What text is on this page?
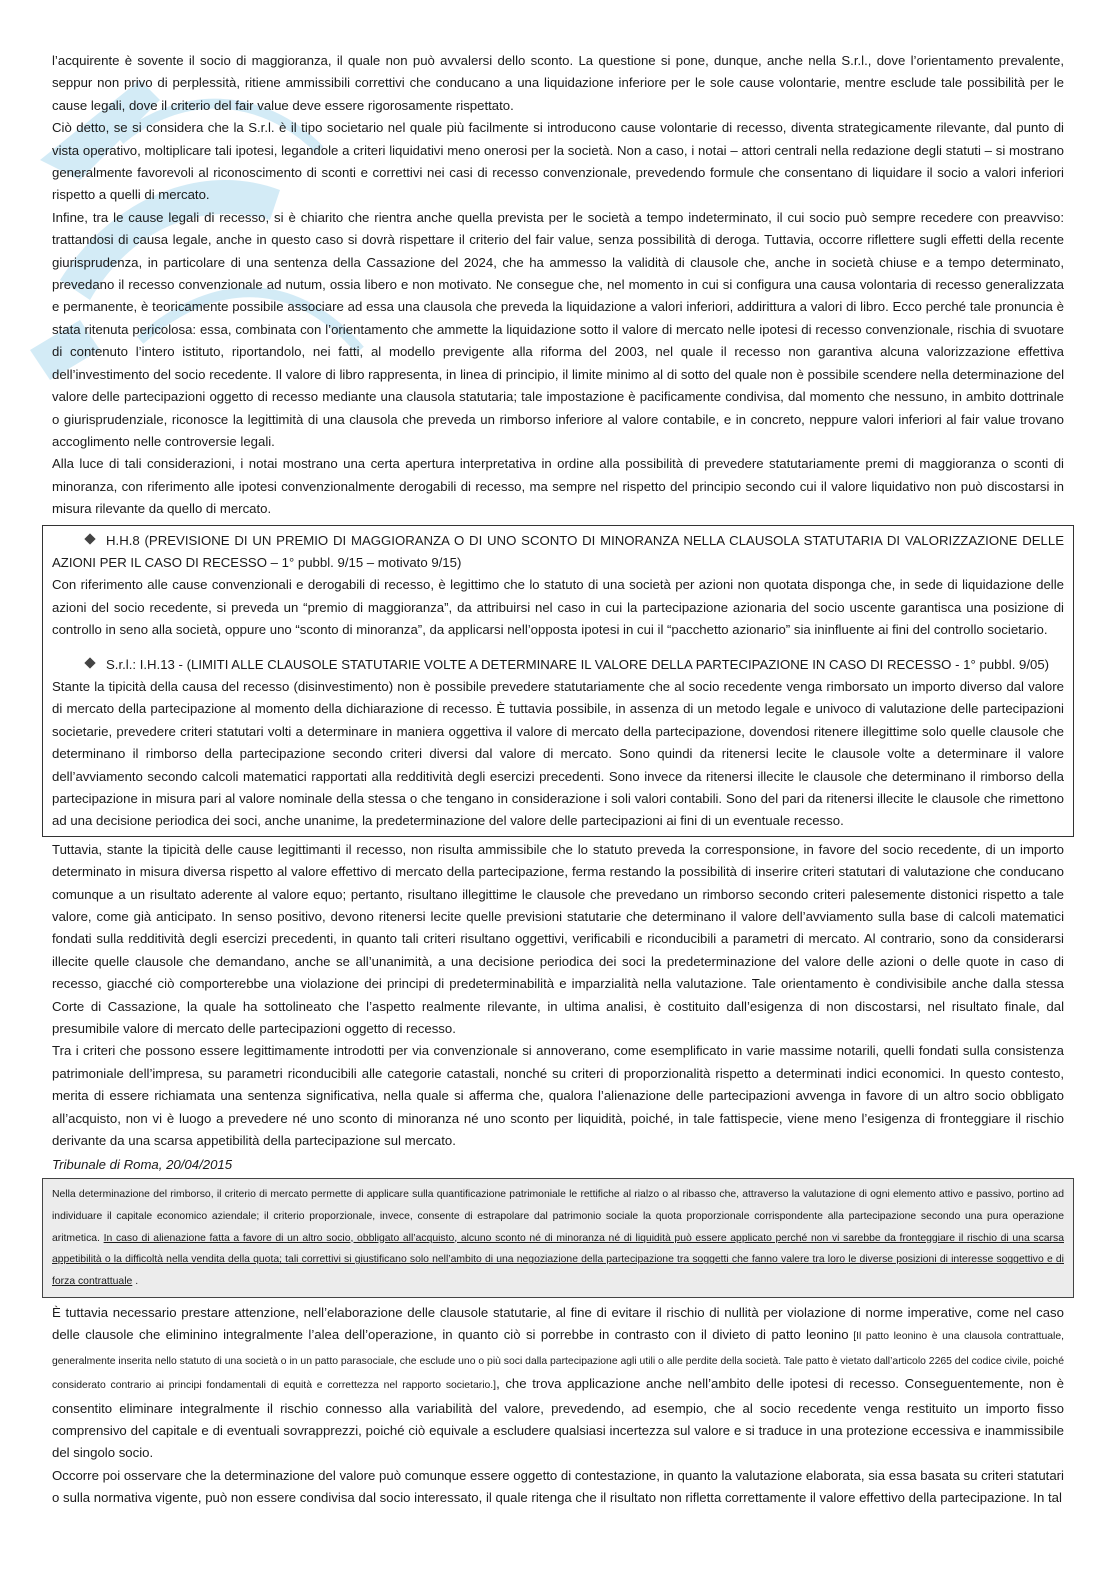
l’acquirente è sovente il socio di maggioranza, il quale non può avvalersi dello sconto. La questione si pone, dunque, anche nella S.r.l., dove l’orientamento prevalente, seppur non privo di perplessità, ritiene ammissibili correttivi che conducano a una liquidazione inferiore per le sole cause volontarie, mentre esclude tale possibilità per le cause legali, dove il criterio del fair value deve essere rigorosamente rispettato.

Ciò detto, se si considera che la S.r.l. è il tipo societario nel quale più facilmente si introducono cause volontarie di recesso, diventa strategicamente rilevante, dal punto di vista operativo, moltiplicare tali ipotesi, legandole a criteri liquidativi meno onerosi per la società. Non a caso, i notai – attori centrali nella redazione degli statuti – si mostrano generalmente favorevoli al riconoscimento di sconti e correttivi nei casi di recesso convenzionale, prevedendo formule che consentano di liquidare il socio a valori inferiori rispetto a quelli di mercato.

Infine, tra le cause legali di recesso, si è chiarito che rientra anche quella prevista per le società a tempo indeterminato, il cui socio può sempre recedere con preavviso: trattandosi di causa legale, anche in questo caso si dovrà rispettare il criterio del fair value, senza possibilità di deroga. Tuttavia, occorre riflettere sugli effetti della recente giurisprudenza, in particolare di una sentenza della Cassazione del 2024, che ha ammesso la validità di clausole che, anche in società chiuse e a tempo determinato, prevedano il recesso convenzionale ad nutum, ossia libero e non motivato. Ne consegue che, nel momento in cui si configura una causa volontaria di recesso generalizzata e permanente, è teoricamente possibile associare ad essa una clausola che preveda la liquidazione a valori inferiori, addirittura a valori di libro. Ecco perché tale pronuncia è stata ritenuta pericolosa: essa, combinata con l’orientamento che ammette la liquidazione sotto il valore di mercato nelle ipotesi di recesso convenzionale, rischia di svuotare di contenuto l’intero istituto, riportandolo, nei fatti, al modello previgente alla riforma del 2003, nel quale il recesso non garantiva alcuna valorizzazione effettiva dell’investimento del socio recedente. Il valore di libro rappresenta, in linea di principio, il limite minimo al di sotto del quale non è possibile scendere nella determinazione del valore delle partecipazioni oggetto di recesso mediante una clausola statutaria; tale impostazione è pacificamente condivisa, dal momento che nessuno, in ambito dottrinale o giurisprudenziale, riconosce la legittimità di una clausola che preveda un rimborso inferiore al valore contabile, e in concreto, neppure valori inferiori al fair value trovano accoglimento nelle controversie legali.

Alla luce di tali considerazioni, i notai mostrano una certa apertura interpretativa in ordine alla possibilità di prevedere statutariamente premi di maggioranza o sconti di minoranza, con riferimento alle ipotesi convenzionalmente derogabili di recesso, ma sempre nel rispetto del principio secondo cui il valore liquidativo non può discostarsi in misura rilevante da quello di mercato.

H.H.8 (PREVISIONE DI UN PREMIO DI MAGGIORANZA O DI UNO SCONTO DI MINORANZA NELLA CLAUSOLA STATUTARIA DI VALORIZZAZIONE DELLE AZIONI PER IL CASO DI RECESSO – 1° pubbl. 9/15 – motivato 9/15)

Con riferimento alle cause convenzionali e derogabili di recesso, è legittimo che lo statuto di una società per azioni non quotata disponga che, in sede di liquidazione delle azioni del socio recedente, si preveda un “premio di maggioranza”, da attribuirsi nel caso in cui la partecipazione azionaria del socio uscente garantisca una posizione di controllo in seno alla società, oppure uno “sconto di minoranza”, da applicarsi nell’opposta ipotesi in cui il “pacchetto azionario” sia ininfluente ai fini del controllo societario.

S.r.l.: I.H.13 - (LIMITI ALLE CLAUSOLE STATUTARIE VOLTE A DETERMINARE IL VALORE DELLA PARTECIPAZIONE IN CASO DI RECESSO - 1° pubbl. 9/05)

Stante la tipicità della causa del recesso (disinvestimento) non è possibile prevedere statutariamente che al socio recedente venga rimborsato un importo diverso dal valore di mercato della partecipazione al momento della dichiarazione di recesso. È tuttavia possibile, in assenza di un metodo legale e univoco di valutazione delle partecipazioni societarie, prevedere criteri statutari volti a determinare in maniera oggettiva il valore di mercato della partecipazione, dovendosi ritenere illegittime solo quelle clausole che determinano il rimborso della partecipazione secondo criteri diversi dal valore di mercato. Sono quindi da ritenersi lecite le clausole volte a determinare il valore dell’avviamento secondo calcoli matematici rapportati alla redditività degli esercizi precedenti. Sono invece da ritenersi illecite le clausole che determinano il rimborso della partecipazione in misura pari al valore nominale della stessa o che tengano in considerazione i soli valori contabili. Sono del pari da ritenersi illecite le clausole che rimettono ad una decisione periodica dei soci, anche unanime, la predeterminazione del valore delle partecipazioni ai fini di un eventuale recesso.

Tuttavia, stante la tipicità delle cause legittimanti il recesso, non risulta ammissibile che lo statuto preveda la corresponsione, in favore del socio recedente, di un importo determinato in misura diversa rispetto al valore effettivo di mercato della partecipazione, ferma restando la possibilità di inserire criteri statutari di valutazione che conducano comunque a un risultato aderente al valore equo; pertanto, risultano illegittime le clausole che prevedano un rimborso secondo criteri palesemente distonici rispetto a tale valore, come già anticipato. In senso positivo, devono ritenersi lecite quelle previsioni statutarie che determinano il valore dell’avviamento sulla base di calcoli matematici fondati sulla redditività degli esercizi precedenti, in quanto tali criteri risultano oggettivi, verificabili e riconducibili a parametri di mercato. Al contrario, sono da considerarsi illecite quelle clausole che demandano, anche se all’unanimità, a una decisione periodica dei soci la predeterminazione del valore delle azioni o delle quote in caso di recesso, giacché ciò comporterebbe una violazione dei principi di predeterminabilità e imparzialità nella valutazione. Tale orientamento è condivisibile anche dalla stessa Corte di Cassazione, la quale ha sottolineato che l’aspetto realmente rilevante, in ultima analisi, è costituito dall’esigenza di non discostarsi, nel risultato finale, dal presumibile valore di mercato delle partecipazioni oggetto di recesso.

Tra i criteri che possono essere legittimamente introdotti per via convenzionale si annoverano, come esemplificato in varie massime notarili, quelli fondati sulla consistenza patrimoniale dell’impresa, su parametri riconducibili alle categorie catastali, nonché su criteri di proporzionalità rispetto a determinati indici economici. In questo contesto, merita di essere richiamata una sentenza significativa, nella quale si afferma che, qualora l’alienazione delle partecipazioni avvenga in favore di un altro socio obbligato all’acquisto, non vi è luogo a prevedere né uno sconto di minoranza né uno sconto per liquidità, poiché, in tale fattispecie, viene meno l’esigenza di fronteggiare il rischio derivante da una scarsa appetibilità della partecipazione sul mercato.

Tribunale di Roma, 20/04/2015

Nella determinazione del rimborso, il criterio di mercato permette di applicare sulla quantificazione patrimoniale le rettifiche al rialzo o al ribasso che, attraverso la valutazione di ogni elemento attivo e passivo, portino ad individuare il capitale economico aziendale; il criterio proporzionale, invece, consente di estrapolare dal patrimonio sociale la quota proporzionale corrispondente alla partecipazione secondo una pura operazione aritmetica. In caso di alienazione fatta a favore di un altro socio, obbligato all’acquisto, alcuno sconto né di minoranza né di liquidità può essere applicato perché non vi sarebbe da fronteggiare il rischio di una scarsa appetibilità o la difficoltà nella vendita della quota; tali correttivi si giustificano solo nell’ambito di una negoziazione della partecipazione tra soggetti che fanno valere tra loro le diverse posizioni di interesse soggettivo e di forza contrattuale .

È tuttavia necessario prestare attenzione, nell’elaborazione delle clausole statutarie, al fine di evitare il rischio di nullità per violazione di norme imperative, come nel caso delle clausole che eliminino integralmente l’alea dell’operazione, in quanto ciò si porrebbe in contrasto con il divieto di patto leonino [Il patto leonino è una clausola contrattuale, generalmente inserita nello statuto di una società o in un patto parasociale, che esclude uno o più soci dalla partecipazione agli utili o alle perdite della società. Tale patto è vietato dall’articolo 2265 del codice civile, poiché considerato contrario ai principi fondamentali di equità e correttezza nel rapporto societario.], che trova applicazione anche nell’ambito delle ipotesi di recesso. Conseguentemente, non è consentito eliminare integralmente il rischio connesso alla variabilità del valore, prevedendo, ad esempio, che al socio recedente venga restituito un importo fisso comprensivo del capitale e di eventuali sovrapprezzi, poiché ciò equivale a escludere qualsiasi incertezza sul valore e si traduce in una protezione eccessiva e inammissibile del singolo socio.

Occorre poi osservare che la determinazione del valore può comunque essere oggetto di contestazione, in quanto la valutazione elaborata, sia essa basata su criteri statutari o sulla normativa vigente, può non essere condivisa dal socio interessato, il quale ritenga che il risultato non rifletta correttamente il valore effettivo della partecipazione. In tal
